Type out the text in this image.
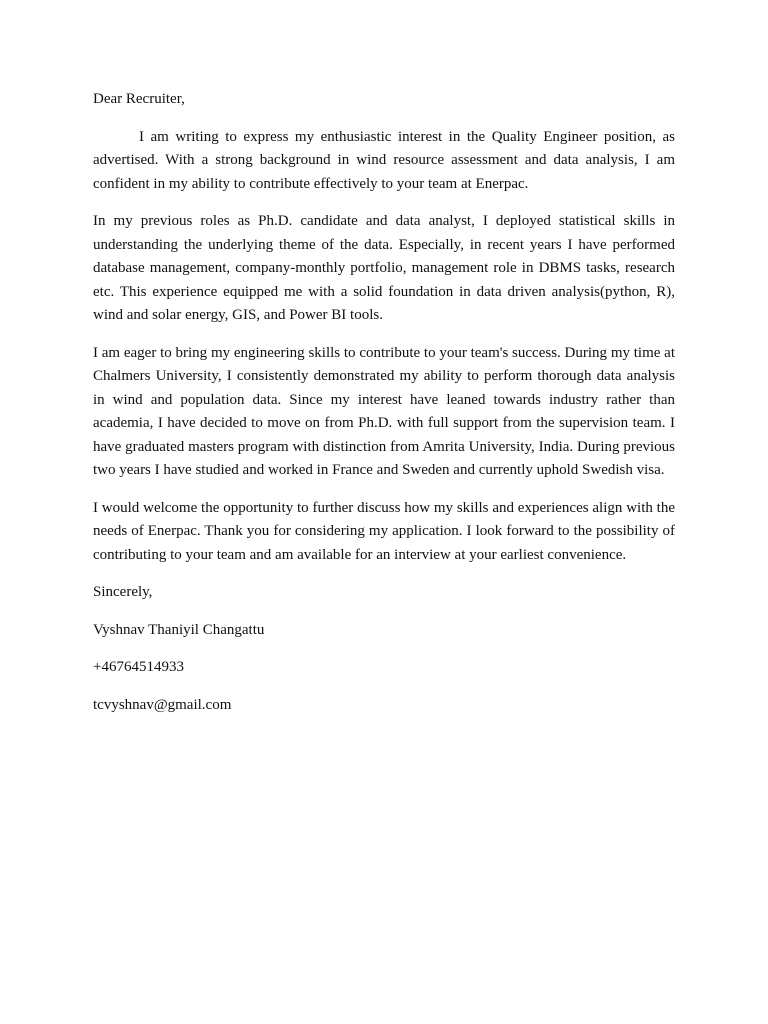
Dear Recruiter,

I am writing to express my enthusiastic interest in the Quality Engineer position, as advertised. With a strong background in wind resource assessment and data analysis, I am confident in my ability to contribute effectively to your team at Enerpac.

In my previous roles as Ph.D. candidate and data analyst, I deployed statistical skills in understanding the underlying theme of the data. Especially, in recent years I have performed database management, company-monthly portfolio, management role in DBMS tasks, research etc. This experience equipped me with a solid foundation in data driven analysis(python, R), wind and solar energy, GIS, and Power BI tools.

I am eager to bring my engineering skills to contribute to your team's success. During my time at Chalmers University, I consistently demonstrated my ability to perform thorough data analysis in wind and population data. Since my interest have leaned towards industry rather than academia, I have decided to move on from Ph.D. with full support from the supervision team. I have graduated masters program with distinction from Amrita University, India. During previous two years I have studied and worked in France and Sweden and currently uphold Swedish visa.

I would welcome the opportunity to further discuss how my skills and experiences align with the needs of Enerpac. Thank you for considering my application. I look forward to the possibility of contributing to your team and am available for an interview at your earliest convenience.

Sincerely,

Vyshnav Thaniyil Changattu

+46764514933

tcvyshnav@gmail.com
